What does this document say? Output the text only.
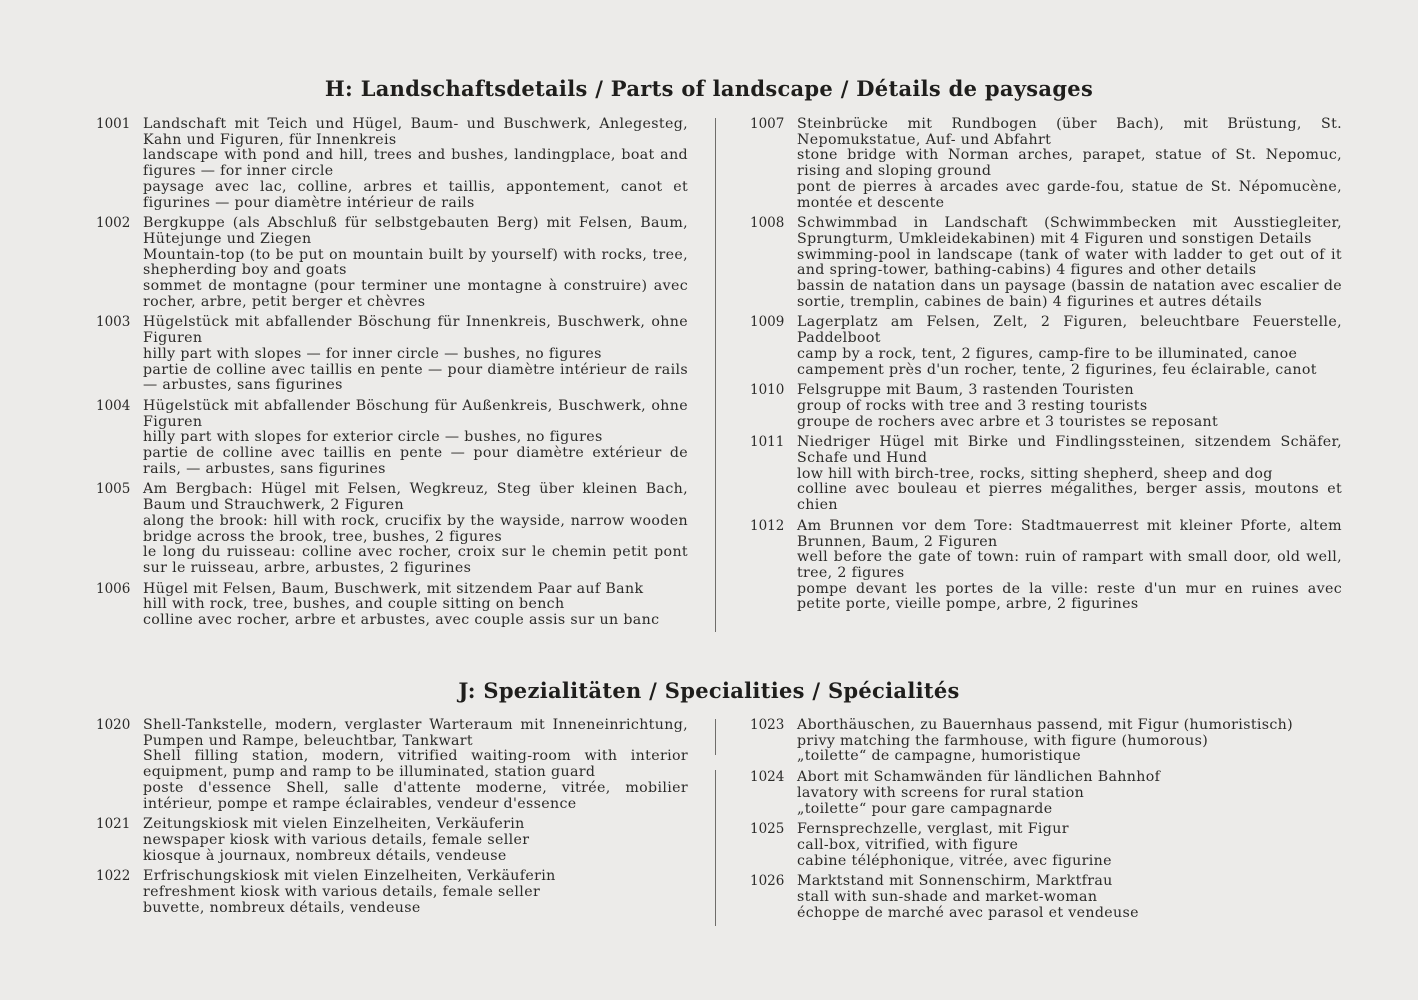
H: Landschaftsdetails / Parts of landscape / Détails de paysages
1001 Landschaft mit Teich und Hügel, Baum- und Buschwerk, Anlegesteg, Kahn und Figuren, für Innenkreis
landscape with pond and hill, trees and bushes, landingplace, boat and figures — for inner circle
paysage avec lac, colline, arbres et taillis, appontement, canot et figurines — pour diamètre intérieur de rails
1002 Bergkuppe (als Abschluß für selbstgebauten Berg) mit Felsen, Baum, Hütejunge und Ziegen
Mountain-top (to be put on mountain built by yourself) with rocks, tree, shepherding boy and goats
sommet de montagne (pour terminer une montagne à construire) avec rocher, arbre, petit berger et chèvres
1003 Hügelstück mit abfallender Böschung für Innenkreis, Buschwerk, ohne Figuren
hilly part with slopes — for inner circle — bushes, no figures
partie de colline avec taillis en pente — pour diamètre intérieur de rails — arbustes, sans figurines
1004 Hügelstück mit abfallender Böschung für Außenkreis, Buschwerk, ohne Figuren
hilly part with slopes for exterior circle — bushes, no figures
partie de colline avec taillis en pente — pour diamètre extérieur de rails, — arbustes, sans figurines
1005 Am Bergbach: Hügel mit Felsen, Wegkreuz, Steg über kleinen Bach, Baum und Strauchwerk, 2 Figuren
along the brook: hill with rock, crucifix by the wayside, narrow wooden bridge across the brook, tree, bushes, 2 figures
le long du ruisseau: colline avec rocher, croix sur le chemin petit pont sur le ruisseau, arbre, arbustes, 2 figurines
1006 Hügel mit Felsen, Baum, Buschwerk, mit sitzendem Paar auf Bank
hill with rock, tree, bushes, and couple sitting on bench
colline avec rocher, arbre et arbustes, avec couple assis sur un banc
1007 Steinbrücke mit Rundbogen (über Bach), mit Brüstung, St. Nepomukstatue, Auf- und Abfahrt
stone bridge with Norman arches, parapet, statue of St. Nepomuc, rising and sloping ground
pont de pierres à arcades avec garde-fou, statue de St. Népomucène, montée et descente
1008 Schwimmbad in Landschaft (Schwimmbecken mit Ausstiegleiter, Sprungturm, Umkleidekabinen) mit 4 Figuren und sonstigen Details
swimming-pool in landscape (tank of water with ladder to get out of it and spring-tower, bathing-cabins) 4 figures and other details
bassin de natation dans un paysage (bassin de natation avec escalier de sortie, tremplin, cabines de bain) 4 figurines et autres détails
1009 Lagerplatz am Felsen, Zelt, 2 Figuren, beleuchtbare Feuerstelle, Paddelboot
camp by a rock, tent, 2 figures, camp-fire to be illuminated, canoe
campement près d'un rocher, tente, 2 figurines, feu éclairable, canot
1010 Felsgruppe mit Baum, 3 rastenden Touristen
group of rocks with tree and 3 resting tourists
groupe de rochers avec arbre et 3 touristes se reposant
1011 Niedriger Hügel mit Birke und Findlingssteinen, sitzendem Schäfer, Schafe und Hund
low hill with birch-tree, rocks, sitting shepherd, sheep and dog
colline avec bouleau et pierres mégalithes, berger assis, moutons et chien
1012 Am Brunnen vor dem Tore: Stadtmauerrest mit kleiner Pforte, altem Brunnen, Baum, 2 Figuren
well before the gate of town: ruin of rampart with small door, old well, tree, 2 figures
pompe devant les portes de la ville: reste d'un mur en ruines avec petite porte, vieille pompe, arbre, 2 figurines
J: Spezialitäten / Specialities / Spécialités
1020 Shell-Tankstelle, modern, verglaster Warteraum mit Inneneinrichtung, Pumpen und Rampe, beleuchtbar, Tankwart
Shell filling station, modern, vitrified waiting-room with interior equipment, pump and ramp to be illuminated, station guard
poste d'essence Shell, salle d'attente moderne, vitrée, mobilier intérieur, pompe et rampe éclairables, vendeur d'essence
1021 Zeitungskiosk mit vielen Einzelheiten, Verkäuferin
newspaper kiosk with various details, female seller
kiosque à journaux, nombreux détails, vendeuse
1022 Erfrischungskiosk mit vielen Einzelheiten, Verkäuferin
refreshment kiosk with various details, female seller
buvette, nombreux détails, vendeuse
1023 Aborthäuschen, zu Bauernhaus passend, mit Figur (humoristisch)
privy matching the farmhouse, with figure (humorous)
„toilette“ de campagne, humoristique
1024 Abort mit Schamwänden für ländlichen Bahnhof
lavatory with screens for rural station
„toilette“ pour gare campagnarde
1025 Fernsprechzelle, verglast, mit Figur
call-box, vitrified, with figure
cabine téléphonique, vitrée, avec figurine
1026 Marktstand mit Sonnenschirm, Marktfrau
stall with sun-shade and market-woman
échoppe de marché avec parasol et vendeuse
